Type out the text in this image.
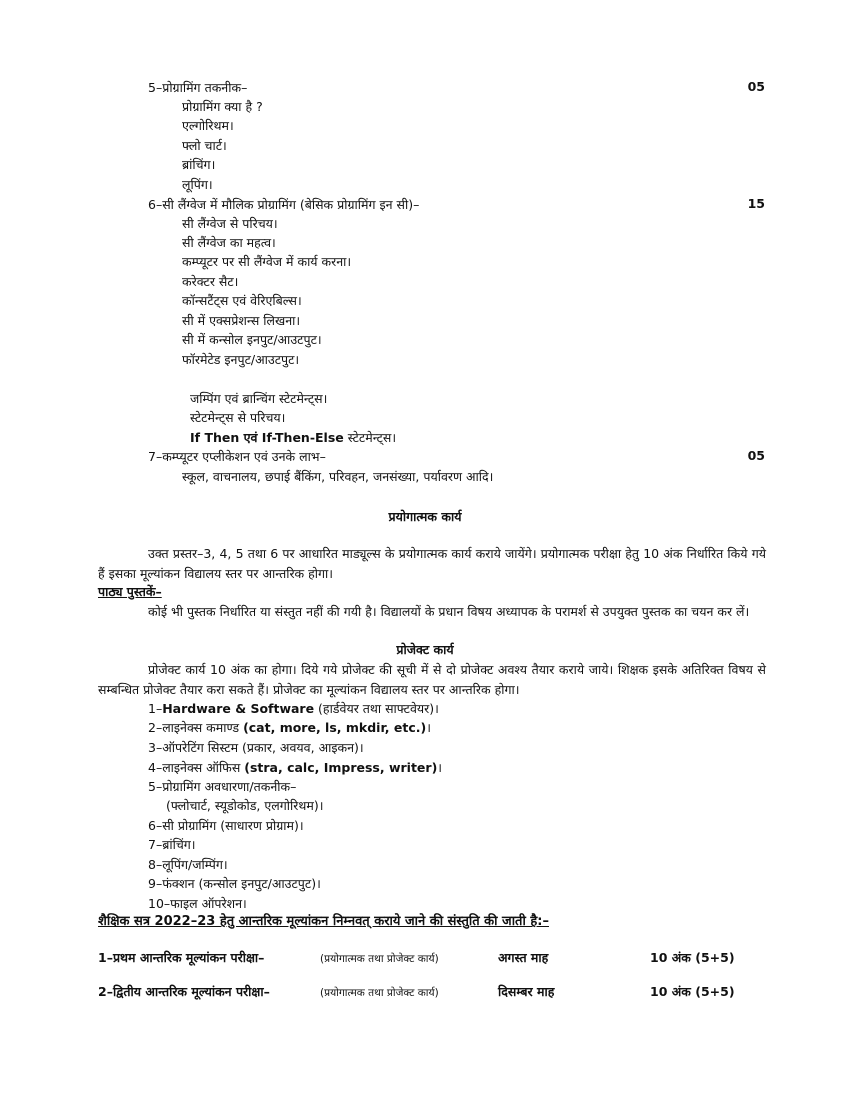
5–प्रोग्रामिंग तकनीक–	05
प्रोग्रामिंग क्या है ?
एल्गोरिथम।
फ्लो चार्ट।
ब्रांचिंग।
लूपिंग।
6–सी लैंग्वेज में मौलिक प्रोग्रामिंग (बेसिक प्रोग्रामिंग इन सी)–	15
सी लैंग्वेज से परिचय।
सी लैंग्वेज का महत्व।
कम्प्यूटर पर सी लैंग्वेज में कार्य करना।
करेक्टर सैट।
कॉन्सटैंट्स एवं वेरिएबिल्स।
सी में एक्सप्रेशन्स लिखना।
सी में कन्सोल इनपुट/आउटपुट।
फॉरमेटेड इनपुट/आउटपुट।
जम्पिंग एवं ब्रान्चिंग स्टेटमेन्ट्स।
स्टेटमेन्ट्स से परिचय।
If Then एवं If-Then-Else स्टेटमेन्ट्स।
7–कम्प्यूटर एप्लीकेशन एवं उनके लाभ–	05
स्कूल, वाचनालय, छपाई बैंकिंग, परिवहन, जनसंख्या, पर्यावरण आदि।
प्रयोगात्मक कार्य
उक्त प्रस्तर–3, 4, 5 तथा 6 पर आधारित माड्यूल्स के प्रयोगात्मक कार्य कराये जायेंगे। प्रयोगात्मक परीक्षा हेतु 10 अंक निर्धारित किये गये हैं इसका मूल्यांकन विद्यालय स्तर पर आन्तरिक होगा।
पाठ्य पुस्तकें–
कोई भी पुस्तक निर्धारित या संस्तुत नहीं की गयी है। विद्यालयों के प्रधान विषय अध्यापक के परामर्श से उपयुक्त पुस्तक का चयन कर लें।
प्रोजेक्ट कार्य
प्रोजेक्ट कार्य 10 अंक का होगा। दिये गये प्रोजेक्ट की सूची में से दो प्रोजेक्ट अवश्य तैयार कराये जाये। शिक्षक इसके अतिरिक्त विषय से सम्बन्धित प्रोजेक्ट तैयार करा सकते हैं। प्रोजेक्ट का मूल्यांकन विद्यालय स्तर पर आन्तरिक होगा।
1–Hardware & Software (हार्डवेयर तथा साफ्टवेयर)।
2–लाइनेक्स कमाण्ड (cat, more, ls, mkdir, etc.)।
3–ऑपरेटिंग सिस्टम (प्रकार, अवयव, आइकन)।
4–लाइनेक्स ऑफिस (stra, calc, Impress, writer)।
5–प्रोग्रामिंग अवधारणा/तकनीक–
(फ्लोचार्ट, स्यूडोकोड, एलगोरिथम)।
6–सी प्रोग्रामिंग (साधारण प्रोग्राम)।
7–ब्रांचिंग।
8–लूपिंग/जम्पिंग।
9–फंक्शन (कन्सोल इनपुट/आउटपुट)।
10–फाइल ऑपरेशन।
शैक्षिक सत्र 2022–23 हेतु आन्तरिक मूल्यांकन निम्नवत् कराये जाने की संस्तुति की जाती है:–
1–प्रथम आन्तरिक मूल्यांकन परीक्षा–	(प्रयोगात्मक तथा प्रोजेक्ट कार्य)	अगस्त माह	10 अंक (5+5)
2–द्वितीय आन्तरिक मूल्यांकन परीक्षा–	(प्रयोगात्मक तथा प्रोजेक्ट कार्य)	दिसम्बर माह	10 अंक (5+5)
